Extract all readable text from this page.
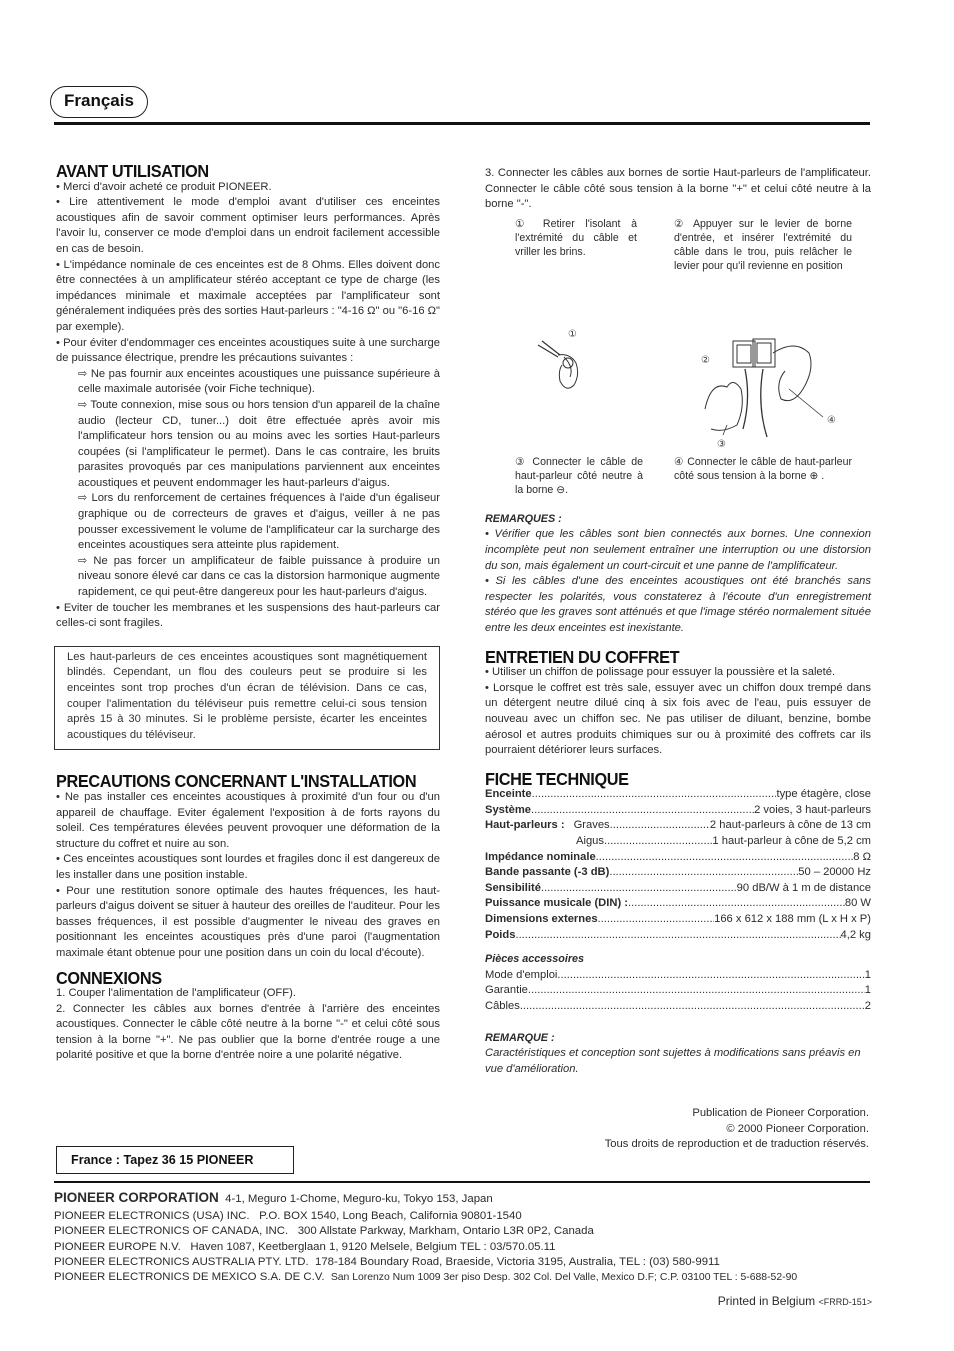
Français
AVANT UTILISATION

• Merci d'avoir acheté ce produit PIONEER.

• Lire attentivement le mode d'emploi avant d'utiliser ces enceintes acoustiques afin de savoir comment optimiser leurs performances. Après l'avoir lu, conserver ce mode d'emploi dans un endroit facilement accessible en cas de besoin.

• L'impédance nominale de ces enceintes est de 8 Ohms. Elles doivent donc être connectées à un amplificateur stéréo acceptant ce type de charge (les impédances minimale et maximale acceptées par l'amplificateur sont généralement indiquées près des sorties Haut-parleurs : "4-16 Ω" ou "6-16 Ω" par exemple).

• Pour éviter d'endommager ces enceintes acoustiques suite à une surcharge de puissance électrique, prendre les précautions suivantes :

⇨ Ne pas fournir aux enceintes acoustiques une puissance supérieure à celle maximale autorisée (voir Fiche technique).

⇨ Toute connexion, mise sous ou hors tension d'un appareil de la chaîne audio (lecteur CD, tuner...) doit être effectuée après avoir mis l'amplificateur hors tension ou au moins avec les sorties Haut-parleurs coupées (si l'amplificateur le permet). Dans le cas contraire, les bruits parasites provoqués par ces manipulations parviennent aux enceintes acoustiques et peuvent endommager les haut-parleurs d'aigus.

⇨ Lors du renforcement de certaines fréquences à l'aide d'un égaliseur graphique ou de correcteurs de graves et d'aigus, veiller à ne pas pousser excessivement le volume de l'amplificateur car la surcharge des enceintes acoustiques sera atteinte plus rapidement.

⇨ Ne pas forcer un amplificateur de faible puissance à produire un niveau sonore élevé car dans ce cas la distorsion harmonique augmente rapidement, ce qui peut-être dangereux pour les haut-parleurs d'aigus.

• Eviter de toucher les membranes et les suspensions des haut-parleurs car celles-ci sont fragiles.

Les haut-parleurs de ces enceintes acoustiques sont magnétiquement blindés. Cependant, un flou des couleurs peut se produire si les enceintes sont trop proches d'un écran de télévision. Dans ce cas, couper l'alimentation du téléviseur puis remettre celui-ci sous tension après 15 à 30 minutes. Si le problème persiste, écarter les enceintes acoustiques du téléviseur.
PRECAUTIONS CONCERNANT L'INSTALLATION

• Ne pas installer ces enceintes acoustiques à proximité d'un four ou d'un appareil de chauffage. Eviter également l'exposition à de forts rayons du soleil. Ces températures élevées peuvent provoquer une déformation de la structure du coffret et nuire au son.

• Ces enceintes acoustiques sont lourdes et fragiles donc il est dangereux de les installer dans une position instable.

• Pour une restitution sonore optimale des hautes fréquences, les haut-parleurs d'aigus doivent se situer à hauteur des oreilles de l'auditeur. Pour les basses fréquences, il est possible d'augmenter le niveau des graves en positionnant les enceintes acoustiques près d'une paroi (l'augmentation maximale étant obtenue pour une position dans un coin du local d'écoute).

CONNEXIONS

1. Couper l'alimentation de l'amplificateur (OFF).

2. Connecter les câbles aux bornes d'entrée à l'arrière des enceintes acoustiques. Connecter le câble côté neutre à la borne "-" et celui côté sous tension à la borne "+". Ne pas oublier que la borne d'entrée rouge a une polarité positive et que la borne d'entrée noire a une polarité négative.

3. Connecter les câbles aux bornes de sortie Haut-parleurs de l'amplificateur. Connecter le câble côté sous tension à la borne "+" et celui côté neutre à la borne "-".

① Retirer l'isolant à l'extrémité du câble et vriller les brins.

② Appuyer sur le levier de borne d'entrée, et insérer l'extrémité du câble dans le trou, puis relâcher le levier pour qu'il revienne en position

①
②
④
③

③ Connecter le câble de haut-parleur côté neutre à la borne ⊖.

④ Connecter le câble de haut-parleur côté sous tension à la borne ⊕ .

REMARQUES :

• Vérifier que les câbles sont bien connectés aux bornes. Une connexion incomplète peut non seulement entraîner une interruption ou une distorsion du son, mais également un court-circuit et une panne de l'amplificateur.

• Si les câbles d'une des enceintes acoustiques ont été branchés sans respecter les polarités, vous constaterez à l'écoute d'un enregistrement stéréo que les graves sont atténués et que l'image stéréo normalement située entre les deux enceintes est inexistante.

ENTRETIEN DU COFFRET

• Utiliser un chiffon de polissage pour essuyer la poussière et la saleté.

• Lorsque le coffret est très sale, essuyer avec un chiffon doux trempé dans un détergent neutre dilué cinq à six fois avec de l'eau, puis essuyer de nouveau avec un chiffon sec. Ne pas utiliser de diluant, benzine, bombe aérosol et autres produits chimiques sur ou à proximité des coffrets car ils pourraient détériorer leurs surfaces.

FICHE TECHNIQUE
Enceinte .....	type étagère, close
Système .....	2 voies, 3 haut-parleurs
Haut-parleurs : Graves .....	2 haut-parleurs à cône de 13 cm
Aigus .....	1 haut-parleur à cône de 5,2 cm
Impédance nominale .....	8 Ω
Bande passante (-3 dB) .....	50 – 20000 Hz
Sensibilité .....	90 dB/W à 1 m de distance
Puissance musicale (DIN) : .....	80 W
Dimensions externes .....	166 x 612 x 188 mm (L x H x P)
Poids .....	4,2 kg

Pièces accessoires

Mode d'emploi .....	1
Garantie .....	1
Câbles .....	2

REMARQUE :

Caractéristiques et conception sont sujettes à modifications sans préavis en vue d'amélioration.

Publication de Pioneer Corporation.
© 2000 Pioneer Corporation.
Tous droits de reproduction et de traduction réservés.
France : Tapez 36 15 PIONEER
PIONEER CORPORATION 4-1, Meguro 1-Chome, Meguro-ku, Tokyo 153, Japan
PIONEER ELECTRONICS (USA) INC. P.O. BOX 1540, Long Beach, California 90801-1540
PIONEER ELECTRONICS OF CANADA, INC. 300 Allstate Parkway, Markham, Ontario L3R 0P2, Canada
PIONEER EUROPE N.V. Haven 1087, Keetberglaan 1, 9120 Melsele, Belgium TEL : 03/570.05.11
PIONEER ELECTRONICS AUSTRALIA PTY. LTD. 178-184 Boundary Road, Braeside, Victoria 3195, Australia, TEL : (03) 580-9911
PIONEER ELECTRONICS DE MEXICO S.A. DE C.V. San Lorenzo Num 1009 3er piso Desp. 302 Col. Del Valle, Mexico D.F; C.P. 03100 TEL : 5-688-52-90
Printed in Belgium <FRRD-151>
